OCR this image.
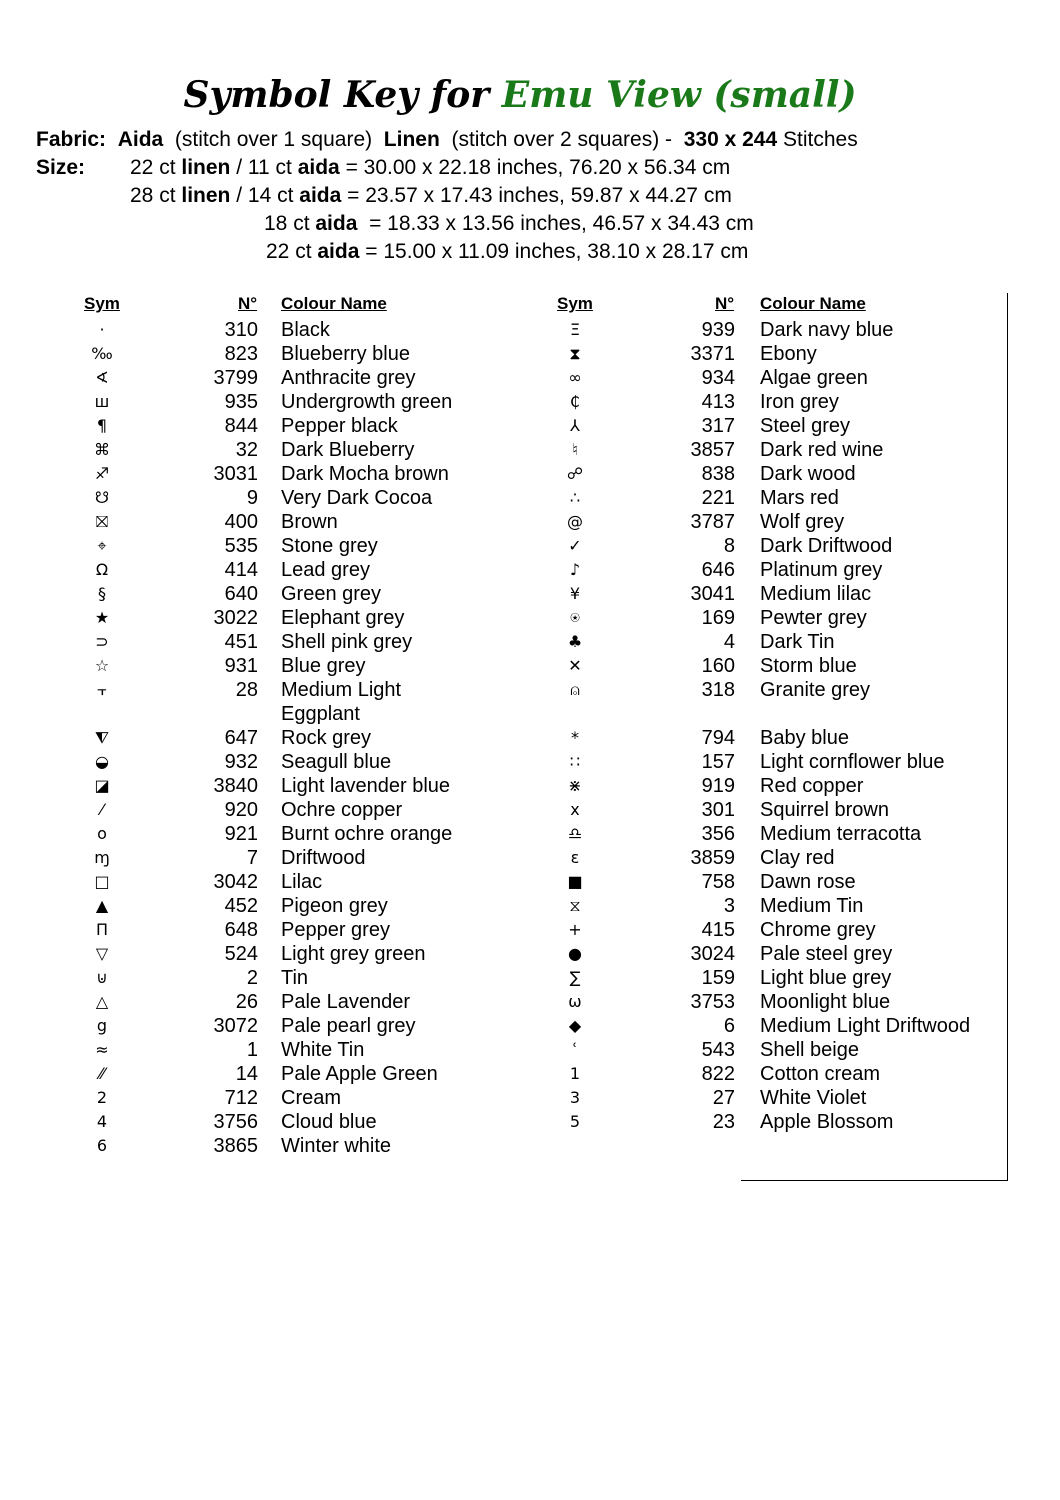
Symbol Key for Emu View (small)
Fabric: Aida (stitch over 1 square) Linen (stitch over 2 squares) - 330 x 244 Stitches
Size: 22 ct linen / 11 ct aida = 30.00 x 22.18 inches, 76.20 x 56.34 cm
28 ct linen / 14 ct aida = 23.57 x 17.43 inches, 59.87 x 44.27 cm
18 ct aida  = 18.33 x 13.56 inches, 46.57 x 34.43 cm
22 ct aida = 15.00 x 11.09 inches, 38.10 x 28.17 cm
Sym	N° Colour Name
·	310 Black
‰	823 Blueberry blue
∢	3799 Anthracite grey
ш	935 Undergrowth green
¶	844 Pepper black
⌘	32 Dark Blueberry
♐	3031 Dark Mocha brown
☋	9 Very Dark Cocoa
⛝	400 Brown
⌖	535 Stone grey
Ω	414 Lead grey
§	640 Green grey
★	3022 Elephant grey
⊃	451 Shell pink grey
☆	931 Blue grey
⫟	28 Medium Light
Eggplant
⧨	647 Rock grey
◒	932 Seagull blue
◪	3840 Light lavender blue
⁄	920 Ochre copper
o	921 Burnt ochre orange
ɱ	7 Driftwood
□	3042 Lilac
▲	452 Pigeon grey
Π	648 Pepper grey
▽	524 Light grey green
⊍	2 Tin
△	26 Pale Lavender
g	3072 Pale pearl grey
≈	1 White Tin
⁄⁄	14 Pale Apple Green
2	712 Cream
4	3756 Cloud blue
6	3865 Winter white
Sym	N° Colour Name
Ξ	939 Dark navy blue
⧗	3371 Ebony
∞	934 Algae green
₵	413 Iron grey
⅄	317 Steel grey
♮	3857 Dark red wine
☍	838 Dark wood
∴	221 Mars red
@	3787 Wolf grey
✓	8 Dark Driftwood
♪	646 Platinum grey
¥	3041 Medium lilac
⍟	169 Pewter grey
♣	4 Dark Tin
✕	160 Storm blue
⍝	318 Granite grey
*	794 Baby blue
∷	157 Light cornflower blue
⋇	919 Red copper
x	301 Squirrel brown
♎	356 Medium terracotta
ε	3859 Clay red
■	758 Dawn rose
⧖	3 Medium Tin
+	415 Chrome grey
●	3024 Pale steel grey
∑	159 Light blue grey
ω	3753 Moonlight blue
◆	6 Medium Light Driftwood
ʿ	543 Shell beige
1	822 Cotton cream
3	27 White Violet
5	23 Apple Blossom
